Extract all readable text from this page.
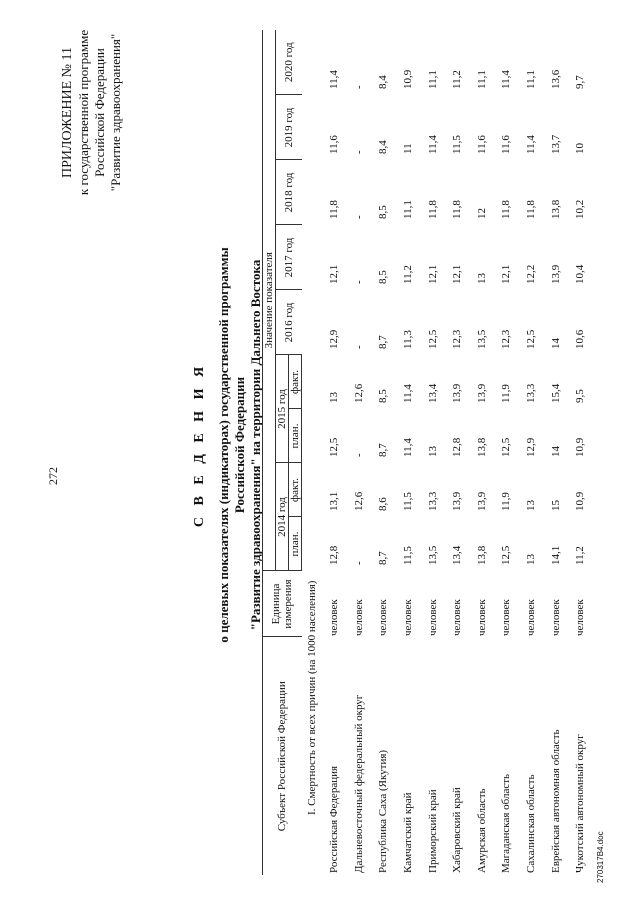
272
ПРИЛОЖЕНИЕ № 11 к государственной программе Российской Федерации "Развитие здравоохранения"
С В Е Д Е Н И Я о целевых показателях (индикаторах) государственной программы Российской Федерации "Развитие здравоохранения" на территории Дальнего Востока
Субъект Российской Федерации	Единица измерения	Значение показателя								
		2014 год		2015 год		2016 год	2017 год	2018 год	2019 год	2020 год
		план.	факт.	план.	факт.					
I. Смертность от всех причин (на 1000 населения)										
Российская Федерация	человек	12,8	13,1	12,5	13	12,9	12,1	11,8	11,6	11,4
Дальневосточный федеральный округ	человек	-	12,6	-	12,6	-	-	-	-	-
Республика Саха (Якутия)	человек	8,7	8,6	8,7	8,5	8,7	8,5	8,5	8,4	8,4
Камчатский край	человек	11,5	11,5	11,4	11,4	11,3	11,2	11,1	11	10,9
Приморский край	человек	13,5	13,3	13	13,4	12,5	12,1	11,8	11,4	11,1
Хабаровский край	человек	13,4	13,9	12,8	13,9	12,3	12,1	11,8	11,5	11,2
Амурская область	человек	13,8	13,9	13,8	13,9	13,5	13	12	11,6	11,1
Магаданская область	человек	12,5	11,9	12,5	11,9	12,3	12,1	11,8	11,6	11,4
Сахалинская область	человек	13	13	12,9	13,3	12,5	12,2	11,8	11,4	11,1
Еврейская автономная область	человек	14,1	15	14	15,4	14	13,9	13,8	13,7	13,6
Чукотский автономный округ	человек	11,2	10,9	10,9	9,5	10,6	10,4	10,2	10	9,7
270317В4.doc
